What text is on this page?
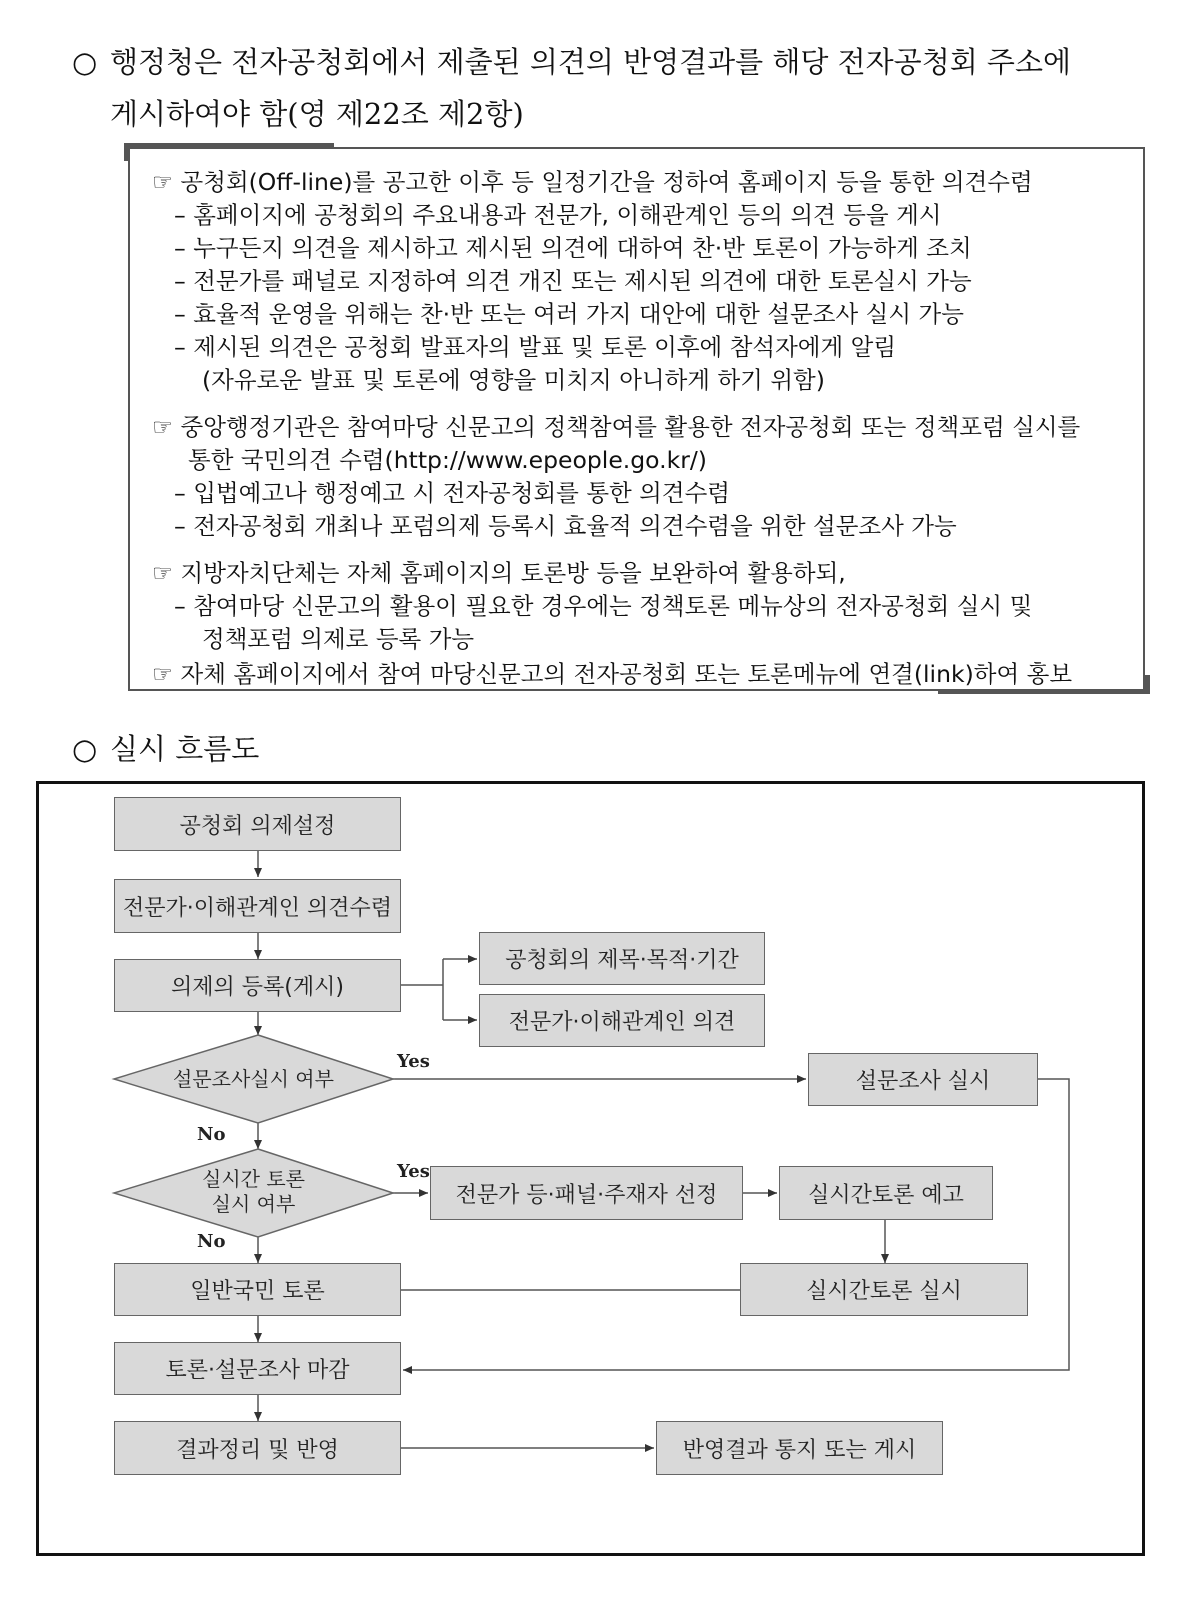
○ 행정청은 전자공청회에서 제출된 의견의 반영결과를 해당 전자공청회 주소에
게시하여야 함(영 제22조 제2항)
☞ 공청회(Off-line)를 공고한 이후 등 일정기간을 정하여 홈페이지 등을 통한 의견수렴
– 홈페이지에 공청회의 주요내용과 전문가, 이해관계인 등의 의견 등을 게시
– 누구든지 의견을 제시하고 제시된 의견에 대하여 찬·반 토론이 가능하게 조치
– 전문가를 패널로 지정하여 의견 개진 또는 제시된 의견에 대한 토론실시 가능
– 효율적 운영을 위해는 찬·반 또는 여러 가지 대안에 대한 설문조사 실시 가능
– 제시된 의견은 공청회 발표자의 발표 및 토론 이후에 참석자에게 알림
(자유로운 발표 및 토론에 영향을 미치지 아니하게 하기 위함)
☞ 중앙행정기관은 참여마당 신문고의 정책참여를 활용한 전자공청회 또는 정책포럼 실시를
통한 국민의견 수렴(http://www.epeople.go.kr/)
– 입법예고나 행정예고 시 전자공청회를 통한 의견수렴
– 전자공청회 개최나 포럼의제 등록시 효율적 의견수렴을 위한 설문조사 가능
☞ 지방자치단체는 자체 홈페이지의 토론방 등을 보완하여 활용하되,
– 참여마당 신문고의 활용이 필요한 경우에는 정책토론 메뉴상의 전자공청회 실시 및
정책포럼 의제로 등록 가능
☞ 자체 홈페이지에서 참여 마당신문고의 전자공청회 또는 토론메뉴에 연결(link)하여 홍보
○ 실시 흐름도
공청회 의제설정
전문가·이해관계인 의견수렴
의제의 등록(게시)
공청회의 제목·목적·기간
전문가·이해관계인 의견
설문조사실시 여부	설문조사 실시
실시간 토론
실시 여부	전문가 등·패널·주재자 선정	실시간토론 예고
일반국민 토론	실시간토론 실시
토론·설문조사 마감
결과정리 및 반영	반영결과 통지 또는 게시
Yes
Yes
No
No
